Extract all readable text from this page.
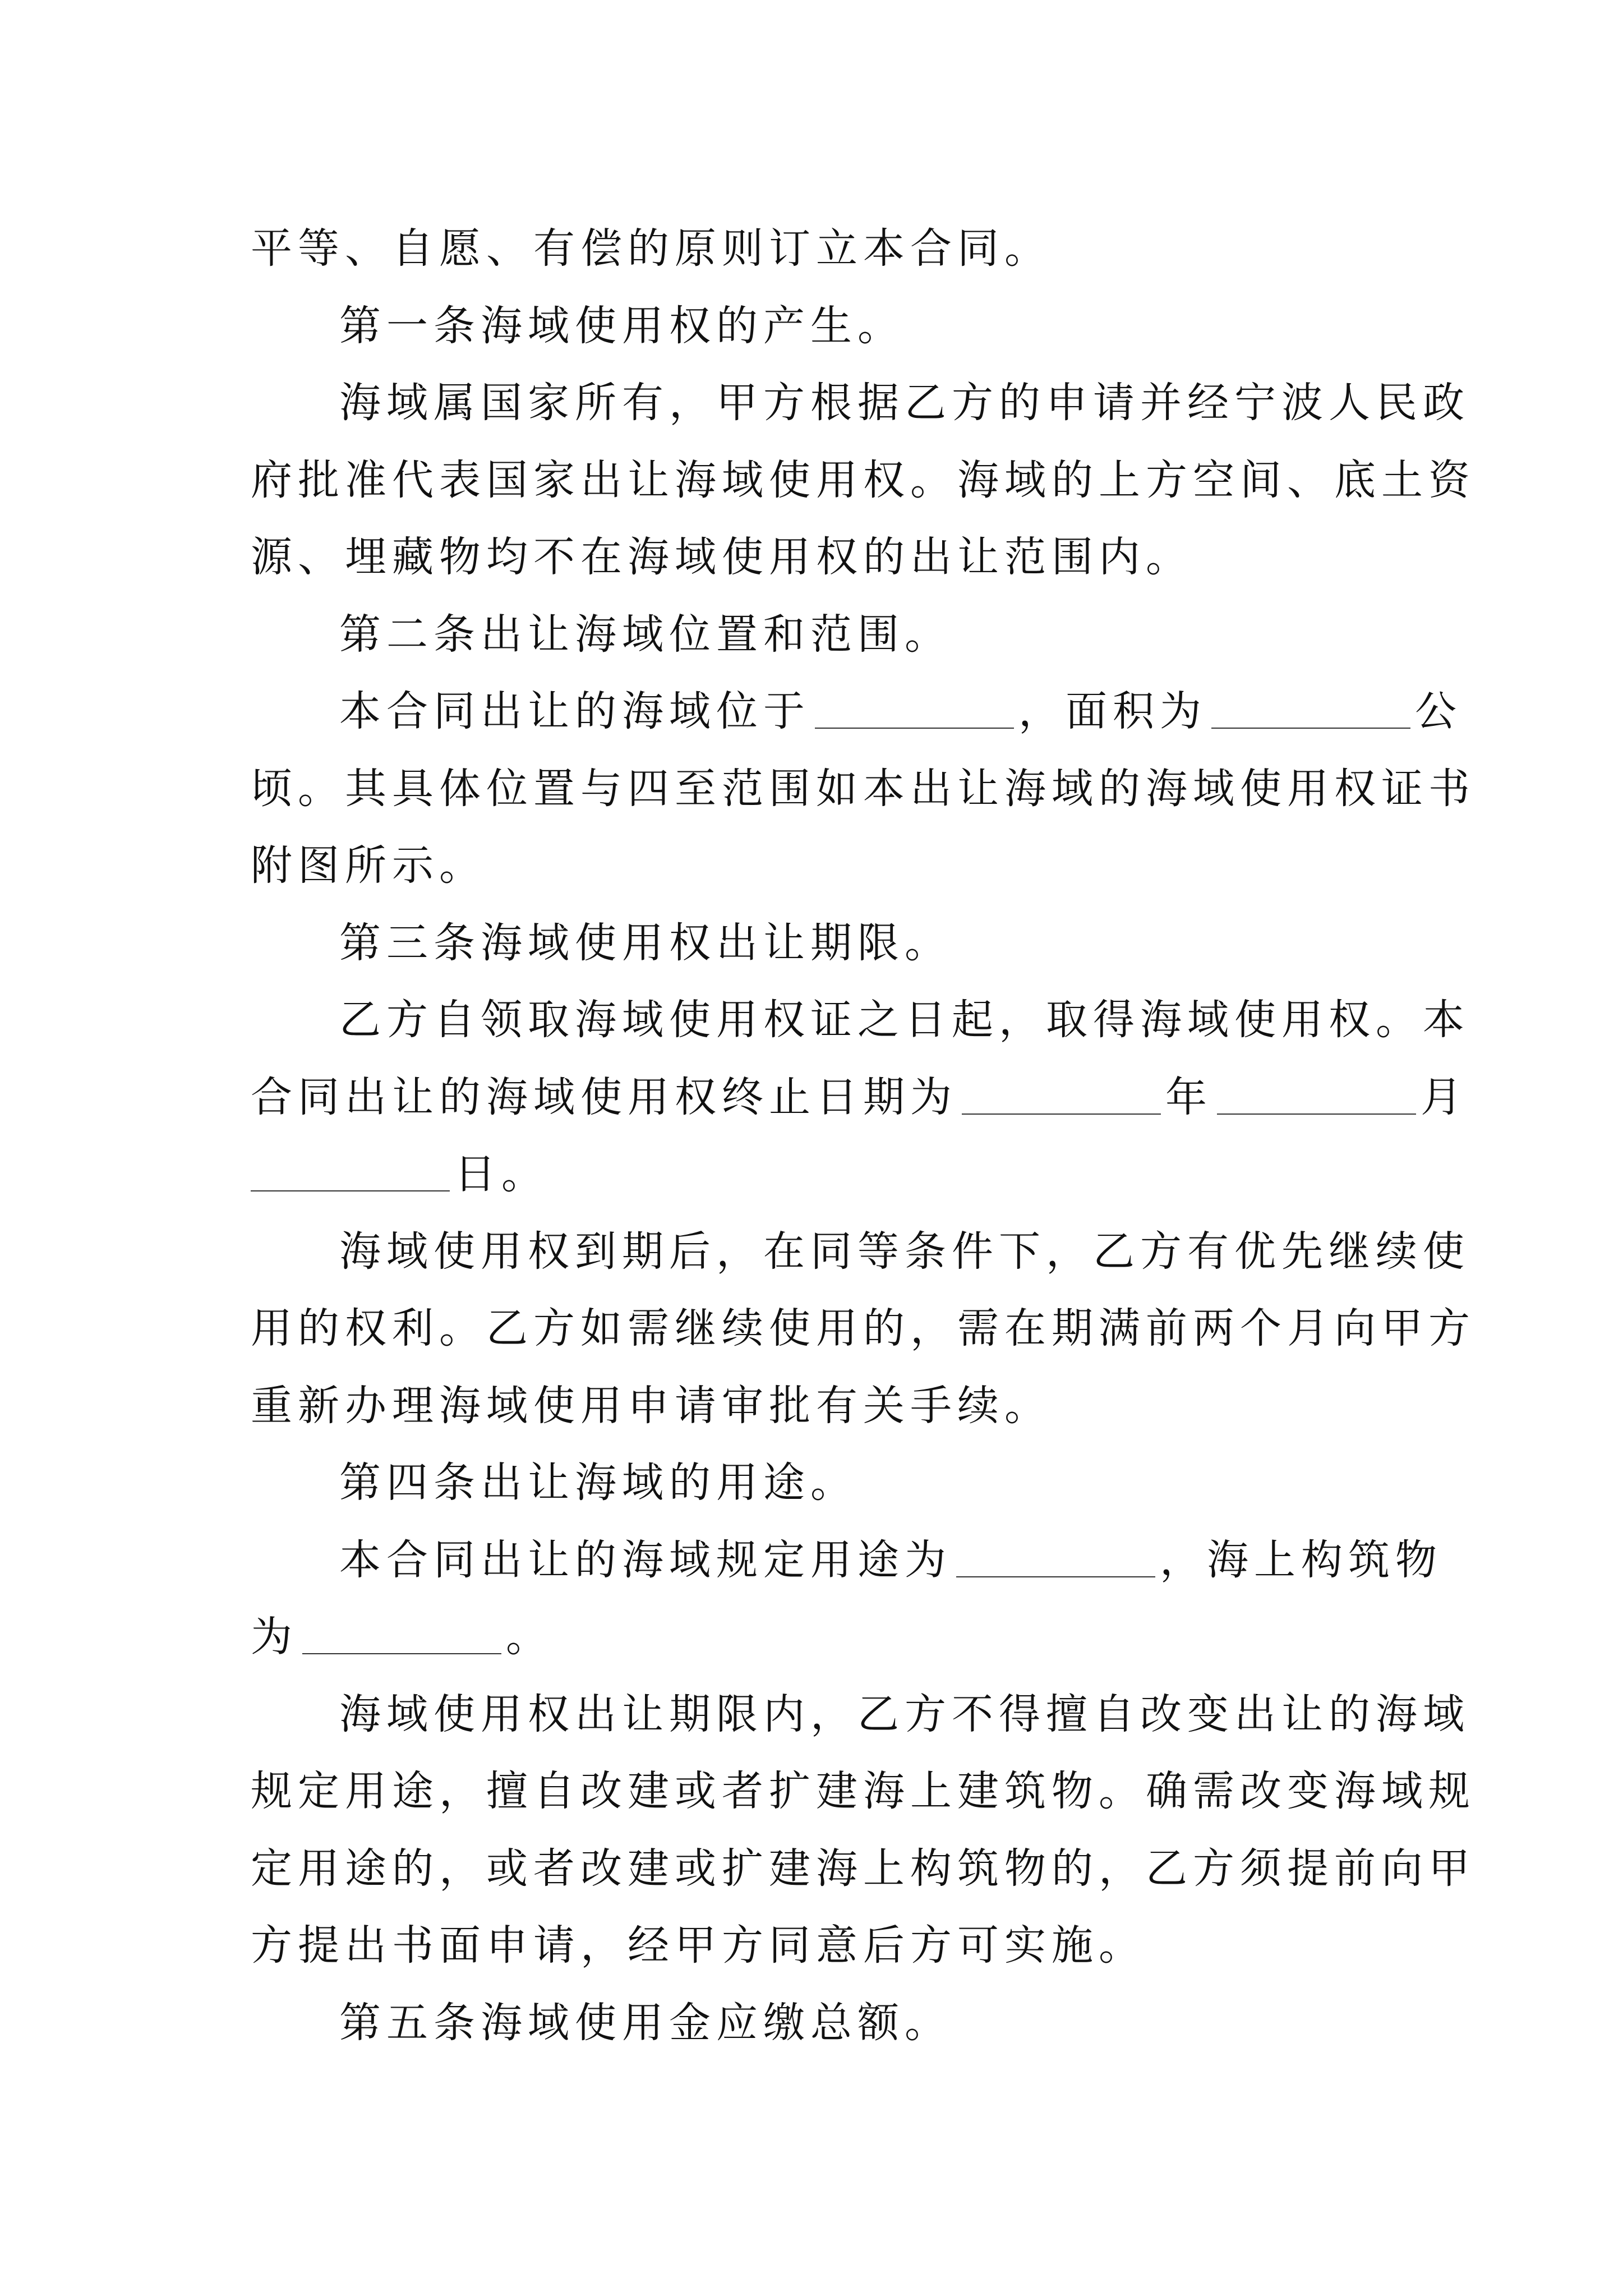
平等、自愿、有偿的原则订立本合同。
第一条海域使用权的产生。
海域属国家所有，甲方根据乙方的申请并经宁波人民政
府批准代表国家出让海域使用权。海域的上方空间、底土资
源、埋藏物均不在海域使用权的出让范围内。
第二条出让海域位置和范围。
本合同出让的海域位于	，面积为	公
顷。其具体位置与四至范围如本出让海域的海域使用权证书
附图所示。
第三条海域使用权出让期限。
乙方自领取海域使用权证之日起，取得海域使用权。本
合同出让的海域使用权终止日期为	年	月
日。
海域使用权到期后，在同等条件下，乙方有优先继续使
用的权利。乙方如需继续使用的，需在期满前两个月向甲方
重新办理海域使用申请审批有关手续。
第四条出让海域的用途。
本合同出让的海域规定用途为	，海上构筑物
为	。
海域使用权出让期限内，乙方不得擅自改变出让的海域
规定用途，擅自改建或者扩建海上建筑物。确需改变海域规
定用途的，或者改建或扩建海上构筑物的，乙方须提前向甲
方提出书面申请，经甲方同意后方可实施。
第五条海域使用金应缴总额。
